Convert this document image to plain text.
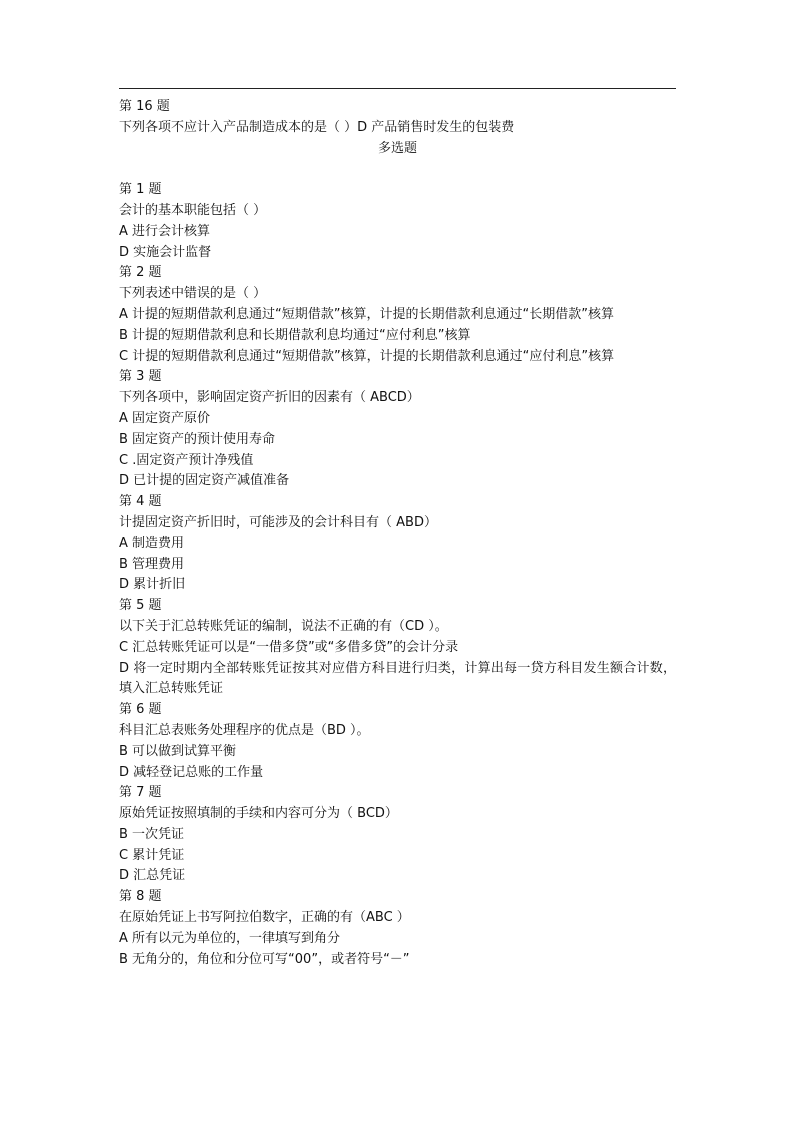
第 16 题
下列各项不应计入产品制造成本的是（ ）D 产品销售时发生的包装费
多选题
第 1 题
会计的基本职能包括（ ）
A 进行会计核算
D 实施会计监督
第 2 题
下列表述中错误的是（ ）
A 计提的短期借款利息通过“短期借款”核算，计提的长期借款利息通过“长期借款”核算
B 计提的短期借款利息和长期借款利息均通过“应付利息”核算
C 计提的短期借款利息通过“短期借款”核算，计提的长期借款利息通过“应付利息”核算
第 3 题
下列各项中，影响固定资产折旧的因素有（ ABCD）
A 固定资产原价
B 固定资产的预计使用寿命
C .固定资产预计净残值
D 已计提的固定资产减值准备
第 4 题
计提固定资产折旧时，可能涉及的会计科目有（ ABD）
A 制造费用
B 管理费用
D 累计折旧
第 5 题
以下关于汇总转账凭证的编制，说法不正确的有（CD ）。
C 汇总转账凭证可以是“一借多贷”或“多借多贷”的会计分录
D 将一定时期内全部转账凭证按其对应借方科目进行归类，计算出每一贷方科目发生额合计数，填入汇总转账凭证
第 6 题
科目汇总表账务处理程序的优点是（BD ）。
B 可以做到试算平衡
D 减轻登记总账的工作量
第 7 题
原始凭证按照填制的手续和内容可分为（ BCD）
B 一次凭证
C 累计凭证
D 汇总凭证
第 8 题
在原始凭证上书写阿拉伯数字，正确的有（ABC ）
A 所有以元为单位的，一律填写到角分
B 无角分的，角位和分位可写“00”，或者符号“－”
